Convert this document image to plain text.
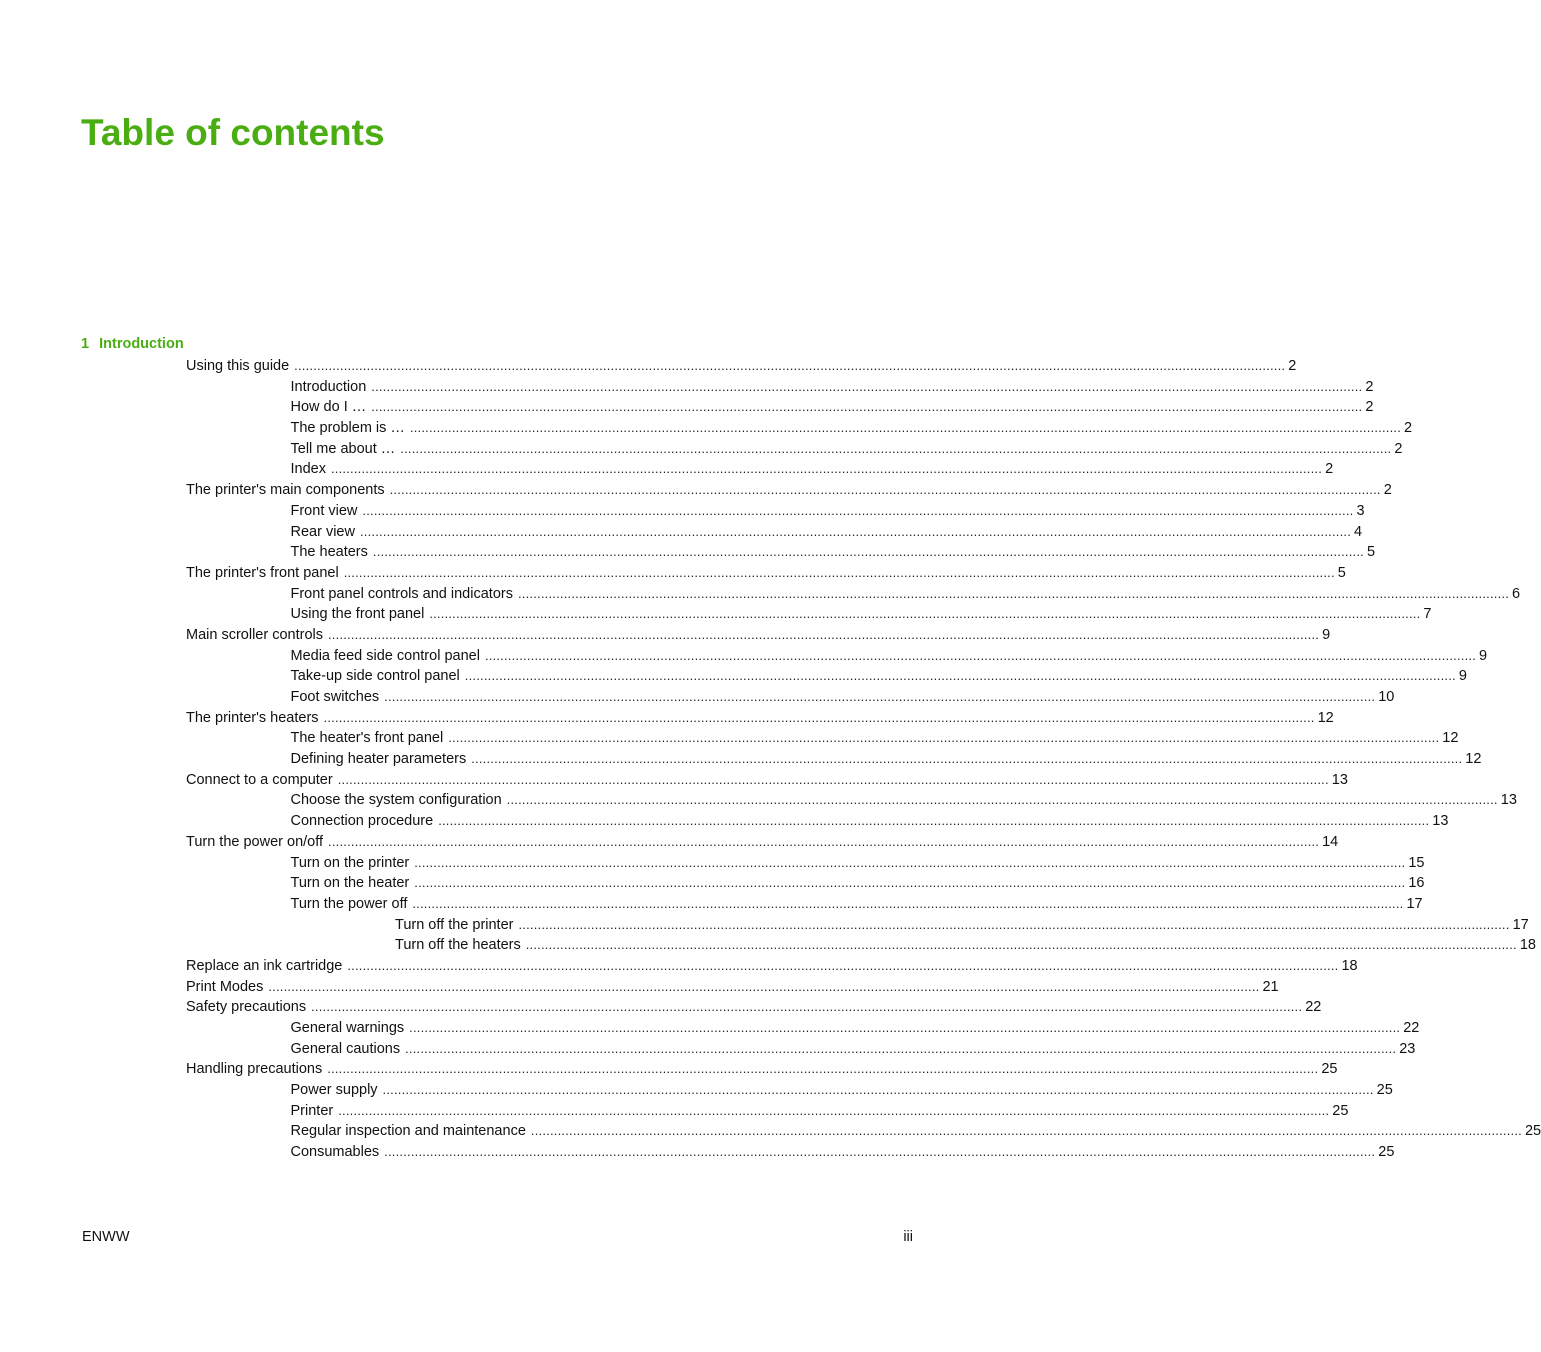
Table of contents
1 Introduction
Using this guide .................................................................................................................................................................................................................................................................... 2
Introduction .................................................................................................................................................................................................................................................................... 2
How do I … .................................................................................................................................................................................................................................................................... 2
The problem is … .................................................................................................................................................................................................................................................................... 2
Tell me about … .................................................................................................................................................................................................................................................................... 2
Index .................................................................................................................................................................................................................................................................... 2
The printer's main components .................................................................................................................................................................................................................................................................... 2
Front view .................................................................................................................................................................................................................................................................... 3
Rear view .................................................................................................................................................................................................................................................................... 4
The heaters .................................................................................................................................................................................................................................................................... 5
The printer's front panel .................................................................................................................................................................................................................................................................... 5
Front panel controls and indicators .................................................................................................................................................................................................................................................................... 6
Using the front panel .................................................................................................................................................................................................................................................................... 7
Main scroller controls .................................................................................................................................................................................................................................................................... 9
Media feed side control panel .................................................................................................................................................................................................................................................................... 9
Take-up side control panel .................................................................................................................................................................................................................................................................... 9
Foot switches .................................................................................................................................................................................................................................................................... 10
The printer's heaters .................................................................................................................................................................................................................................................................... 12
The heater's front panel .................................................................................................................................................................................................................................................................... 12
Defining heater parameters .................................................................................................................................................................................................................................................................... 12
Connect to a computer .................................................................................................................................................................................................................................................................... 13
Choose the system configuration .................................................................................................................................................................................................................................................................... 13
Connection procedure .................................................................................................................................................................................................................................................................... 13
Turn the power on/off .................................................................................................................................................................................................................................................................... 14
Turn on the printer .................................................................................................................................................................................................................................................................... 15
Turn on the heater .................................................................................................................................................................................................................................................................... 16
Turn the power off .................................................................................................................................................................................................................................................................... 17
Turn off the printer .................................................................................................................................................................................................................................................................... 17
Turn off the heaters .................................................................................................................................................................................................................................................................... 18
Replace an ink cartridge .................................................................................................................................................................................................................................................................... 18
Print Modes .................................................................................................................................................................................................................................................................... 21
Safety precautions .................................................................................................................................................................................................................................................................... 22
General warnings .................................................................................................................................................................................................................................................................... 22
General cautions .................................................................................................................................................................................................................................................................... 23
Handling precautions .................................................................................................................................................................................................................................................................... 25
Power supply .................................................................................................................................................................................................................................................................... 25
Printer .................................................................................................................................................................................................................................................................... 25
Regular inspection and maintenance .................................................................................................................................................................................................................................................................... 25
Consumables .................................................................................................................................................................................................................................................................... 25
ENWW	iii
